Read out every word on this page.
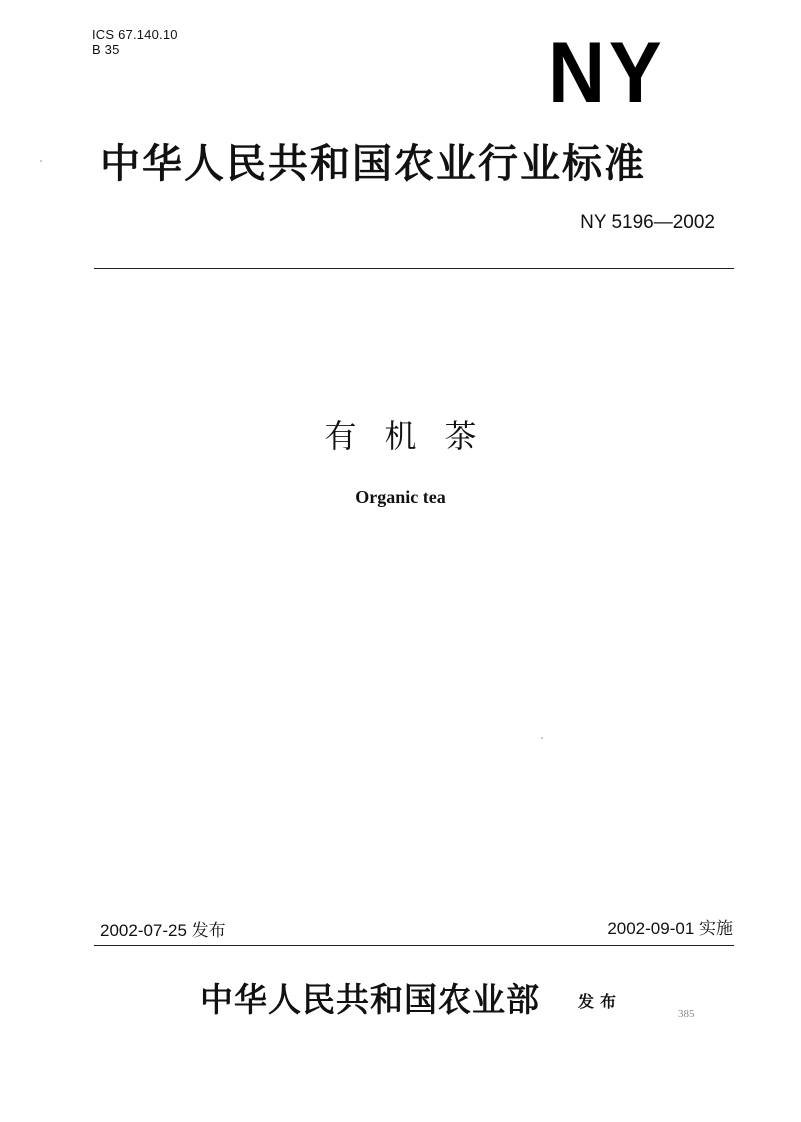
ICS 67.140.10
B 35	NY
中华人民共和国农业行业标准
NY 5196—2002
有机茶
Organic tea
2002-07-25 发布	2002-09-01 实施
中华人民共和国农业部 发布
385
